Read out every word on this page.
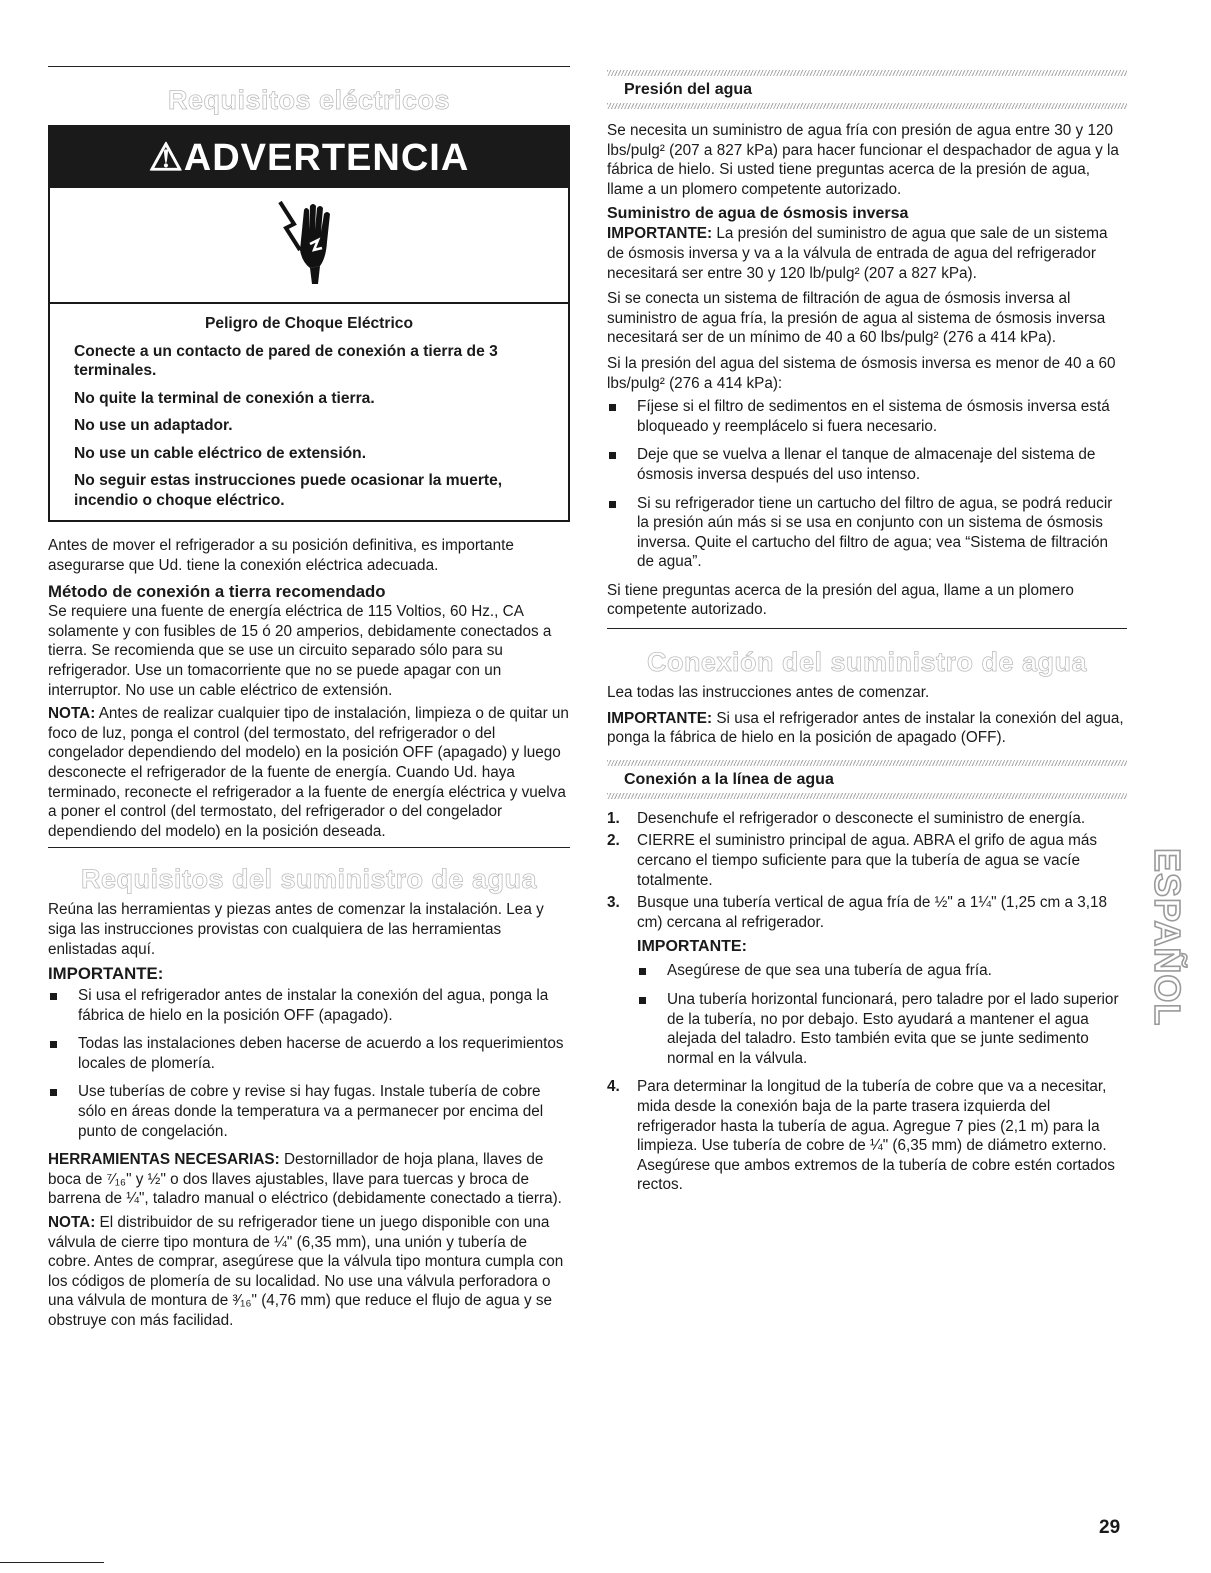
Requisitos eléctricos
⚠ADVERTENCIA

Peligro de Choque Eléctrico

Conecte a un contacto de pared de conexión a tierra de 3 terminales.

No quite la terminal de conexión a tierra.

No use un adaptador.

No use un cable eléctrico de extensión.

No seguir estas instrucciones puede ocasionar la muerte, incendio o choque eléctrico.

Antes de mover el refrigerador a su posición definitiva, es importante asegurarse que Ud. tiene la conexión eléctrica adecuada.

Método de conexión a tierra recomendado

Se requiere una fuente de energía eléctrica de 115 Voltios, 60 Hz., CA solamente y con fusibles de 15 ó 20 amperios, debidamente conectados a tierra. Se recomienda que se use un circuito separado sólo para su refrigerador. Use un tomacorriente que no se puede apagar con un interruptor. No use un cable eléctrico de extensión.

NOTA: Antes de realizar cualquier tipo de instalación, limpieza o de quitar un foco de luz, ponga el control (del termostato, del refrigerador o del congelador dependiendo del modelo) en la posición OFF (apagado) y luego desconecte el refrigerador de la fuente de energía. Cuando Ud. haya terminado, reconecte el refrigerador a la fuente de energía eléctrica y vuelva a poner el control (del termostato, del refrigerador o del congelador dependiendo del modelo) en la posición deseada.

Requisitos del suministro de agua

Reúna las herramientas y piezas antes de comenzar la instalación. Lea y siga las instrucciones provistas con cualquiera de las herramientas enlistadas aquí.

IMPORTANTE:

Si usa el refrigerador antes de instalar la conexión del agua, ponga la fábrica de hielo en la posición OFF (apagado).
Todas las instalaciones deben hacerse de acuerdo a los requerimientos locales de plomería.
Use tuberías de cobre y revise si hay fugas. Instale tubería de cobre sólo en áreas donde la temperatura va a permanecer por encima del punto de congelación.

HERRAMIENTAS NECESARIAS: Destornillador de hoja plana, llaves de boca de ⁷⁄₁₆" y ½" o dos llaves ajustables, llave para tuercas y broca de barrena de ¼", taladro manual o eléctrico (debidamente conectado a tierra).

NOTA: El distribuidor de su refrigerador tiene un juego disponible con una válvula de cierre tipo montura de ¼" (6,35 mm), una unión y tubería de cobre. Antes de comprar, asegúrese que la válvula tipo montura cumpla con los códigos de plomería de su localidad. No use una válvula perforadora o una válvula de montura de ³⁄₁₆" (4,76 mm) que reduce el flujo de agua y se obstruye con más facilidad.

Presión del agua

Se necesita un suministro de agua fría con presión de agua entre 30 y 120 lbs/pulg² (207 a 827 kPa) para hacer funcionar el despachador de agua y la fábrica de hielo. Si usted tiene preguntas acerca de la presión de agua, llame a un plomero competente autorizado.

Suministro de agua de ósmosis inversa

IMPORTANTE: La presión del suministro de agua que sale de un sistema de ósmosis inversa y va a la válvula de entrada de agua del refrigerador necesitará ser entre 30 y 120 lb/pulg² (207 a 827 kPa).

Si se conecta un sistema de filtración de agua de ósmosis inversa al suministro de agua fría, la presión de agua al sistema de ósmosis inversa necesitará ser de un mínimo de 40 a 60 lbs/pulg² (276 a 414 kPa).

Si la presión del agua del sistema de ósmosis inversa es menor de 40 a 60 lbs/pulg² (276 a 414 kPa):

Fíjese si el filtro de sedimentos en el sistema de ósmosis inversa está bloqueado y reemplácelo si fuera necesario.
Deje que se vuelva a llenar el tanque de almacenaje del sistema de ósmosis inversa después del uso intenso.
Si su refrigerador tiene un cartucho del filtro de agua, se podrá reducir la presión aún más si se usa en conjunto con un sistema de ósmosis inversa. Quite el cartucho del filtro de agua; vea “Sistema de filtración de agua”.

Si tiene preguntas acerca de la presión del agua, llame a un plomero competente autorizado.

Conexión del suministro de agua

Lea todas las instrucciones antes de comenzar.

IMPORTANTE: Si usa el refrigerador antes de instalar la conexión del agua, ponga la fábrica de hielo en la posición de apagado (OFF).

Conexión a la línea de agua

1. Desenchufe el refrigerador o desconecte el suministro de energía.
2. CIERRE el suministro principal de agua. ABRA el grifo de agua más cercano el tiempo suficiente para que la tubería de agua se vacíe totalmente.
3. Busque una tubería vertical de agua fría de ½" a 1¼" (1,25 cm a 3,18 cm) cercana al refrigerador.

IMPORTANTE:

Asegúrese de que sea una tubería de agua fría.
Una tubería horizontal funcionará, pero taladre por el lado superior de la tubería, no por debajo. Esto ayudará a mantener el agua alejada del taladro. Esto también evita que se junte sedimento normal en la válvula.
4. Para determinar la longitud de la tubería de cobre que va a necesitar, mida desde la conexión baja de la parte trasera izquierda del refrigerador hasta la tubería de agua. Agregue 7 pies (2,1 m) para la limpieza. Use tubería de cobre de ¼" (6,35 mm) de diámetro externo. Asegúrese que ambos extremos de la tubería de cobre estén cortados rectos.
ESPAÑOL
29
